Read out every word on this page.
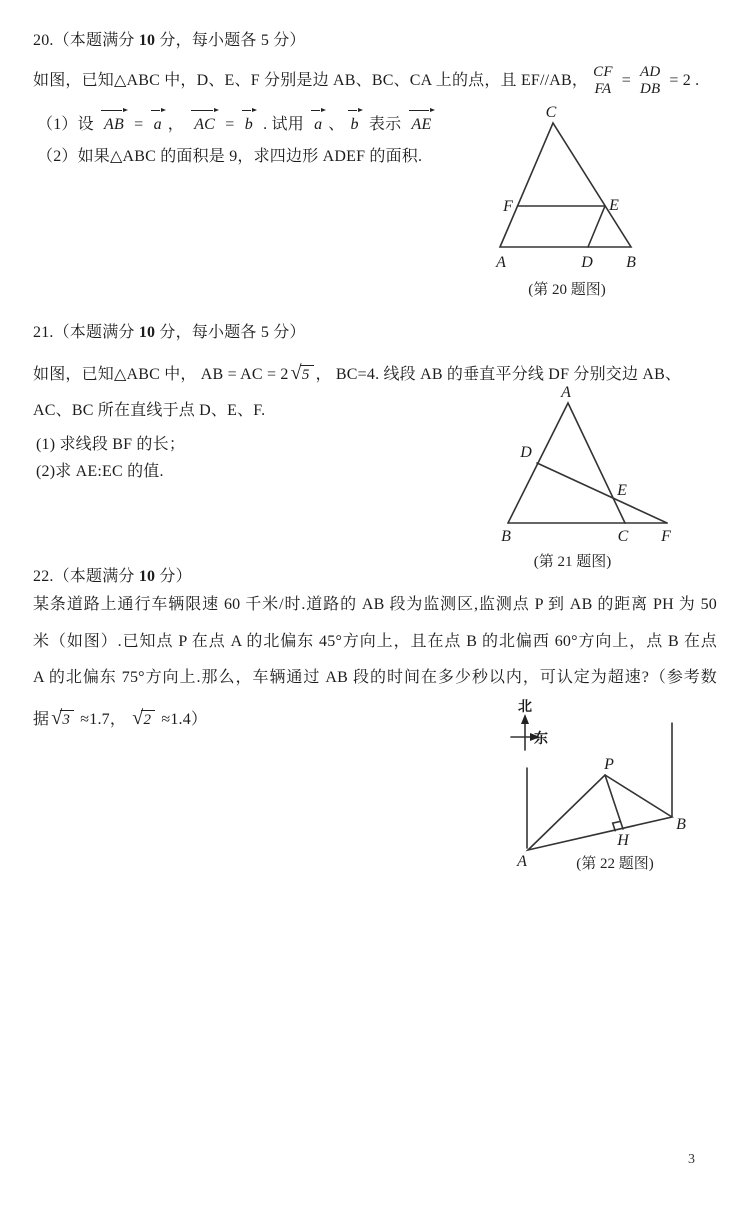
20.（本题满分 10 分，每小题各 5 分）
如图，已知△ABC 中，D、E、F 分别是边 AB、BC、CA 上的点，且 EF//AB，
CF
FA =
AD
DB = 2 .
（1）设 AB = a ， AC = b . 试用 a 、 b 表示 AE
（2）如果△ABC 的面积是 9，求四边形 ADEF 的面积.
C
F	E
A	D B
(第 20 题图)
21.（本题满分 10 分，每小题各 5 分）
如图，已知△ABC 中， AB = AC = 2 √ 5 ， BC=4. 线段 AB 的垂直平分线 DF 分别交边 AB、
AC、BC 所在直线于点 D、E、F.
(1) 求线段 BF 的长；
(2)求 AE:EC 的值.
A
D
E
B	C F
(第 21 题图)
22.（本题满分 10 分）
某条道路上通行车辆限速 60 千米/时.道路的 AB 段为监测区,监测点 P 到 AB 的距离 PH 为 50
米（如图）.已知点 P 在点 A 的北偏东 45°方向上，且在点 B 的北偏西 60°方向上，点 B 在点
A 的北偏东 75°方向上.那么，车辆通过 AB 段的时间在多少秒以内，可认定为超速?（参考数
据 √ 3 ≈1.7， √ 2 ≈1.4）
北
东
P
B
H
A	(第 22 题图)
3
